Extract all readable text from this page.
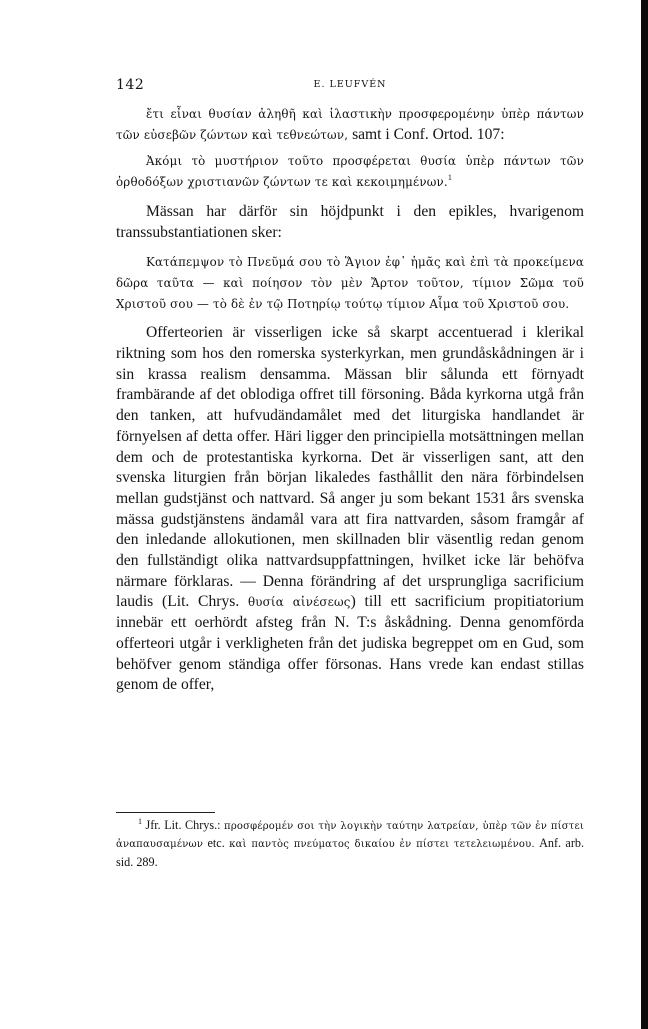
142	E. LEUFVÉN

ἔτι εἶναι θυσίαν ἀληθῆ καὶ ἱλαστικὴν προσφερομένην ὑπὲρ πάντων τῶν εὐσεβῶν ζώντων καὶ τεθνεώτων, samt i Conf. Ortod. 107:

Ἀκόμι τὸ μυστήριον τοῦτο προσφέρεται θυσία ὑπὲρ πάντων τῶν ὀρθοδόξων χριστιανῶν ζώντων τε καὶ κεκοιμημένων.$^1$

Mässan har därför sin höjdpunkt i den epikles, hvarigenom transsubstantiationen sker:

Κατάπεμψον τὸ Πνεῦμά σου τὸ Ἅγιον ἐφ᾽ ἡμᾶς καὶ ἐπὶ τὰ προκείμενα δῶρα ταῦτα — καὶ ποίησον τὸν μὲν Ἄρτον τοῦτον, τίμιον Σῶμα τοῦ Χριστοῦ σου — τὸ δὲ ἐν τῷ Ποτηρίῳ τούτῳ τίμιον Αἷμα τοῦ Χριστοῦ σου.

Offerteorien är visserligen icke så skarpt accentuerad i klerikal riktning som hos den romerska systerkyrkan, men grundåskådningen är i sin krassa realism densamma. Mässan blir sålunda ett förnyadt frambärande af det oblodiga offret till försoning. Båda kyrkorna utgå från den tanken, att hufvudändamålet med det liturgiska handlandet är förnyelsen af detta offer. Häri ligger den principiella motsättningen mellan dem och de protestantiska kyrkorna. Det är visserligen sant, att den svenska liturgien från början likaledes fasthållit den nära förbindelsen mellan gudstjänst och nattvard. Så anger ju som bekant 1531 års svenska mässa gudstjänstens ändamål vara att fira nattvarden, såsom framgår af den inledande allokutionen, men skillnaden blir väsentlig redan genom den fullständigt olika nattvardsuppfattningen, hvilket icke lär behöfva närmare förklaras. — Denna förändring af det ursprungliga sacrificium laudis (Lit. Chrys. θυσία αἰνέσεως) till ett sacrificium propitiatorium innebär ett oerhördt afsteg från N. T:s åskådning. Denna genomförda offerteori utgår i verkligheten från det judiska begreppet om en Gud, som behöfver genom ständiga offer försonas. Hans vrede kan endast stillas genom de offer,

$^1$ Jfr. Lit. Chrys.: προσφέρομέν σοι τὴν λογικὴν ταύτην λατρείαν, ὑπὲρ τῶν ἐν πίστει ἀναπαυσαμένων etc. καὶ παντὸς πνεύματος δικαίου ἐν πίστει τετελειωμένου. Anf. arb. sid. 289.
